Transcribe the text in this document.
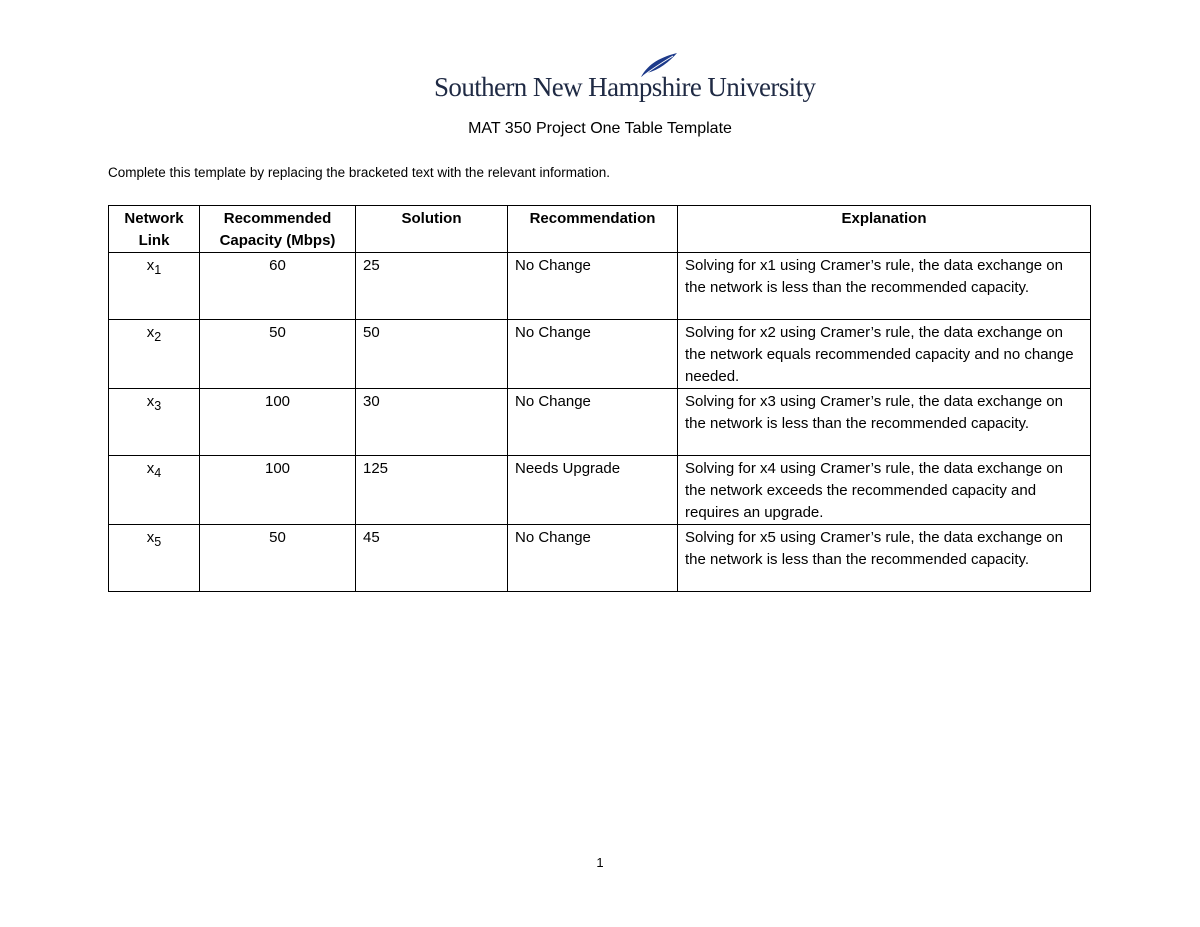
Southern New Hampshire University
MAT 350 Project One Table Template
Complete this template by replacing the bracketed text with the relevant information.
Network Link	Recommended Capacity (Mbps)	Solution	Recommendation	Explanation
$x_1$	60	25	No Change	Solving for x1 using Cramer’s rule, the data exchange on the network is less than the recommended capacity.
$x_2$	50	50	No Change	Solving for x2 using Cramer’s rule, the data exchange on the network equals recommended capacity and no change needed.
$x_3$	100	30	No Change	Solving for x3 using Cramer’s rule, the data exchange on the network is less than the recommended capacity.
$x_4$	100	125	Needs Upgrade	Solving for x4 using Cramer’s rule, the data exchange on the network exceeds the recommended capacity and requires an upgrade.
$x_5$	50	45	No Change	Solving for x5 using Cramer’s rule, the data exchange on the network is less than the recommended capacity.
1
